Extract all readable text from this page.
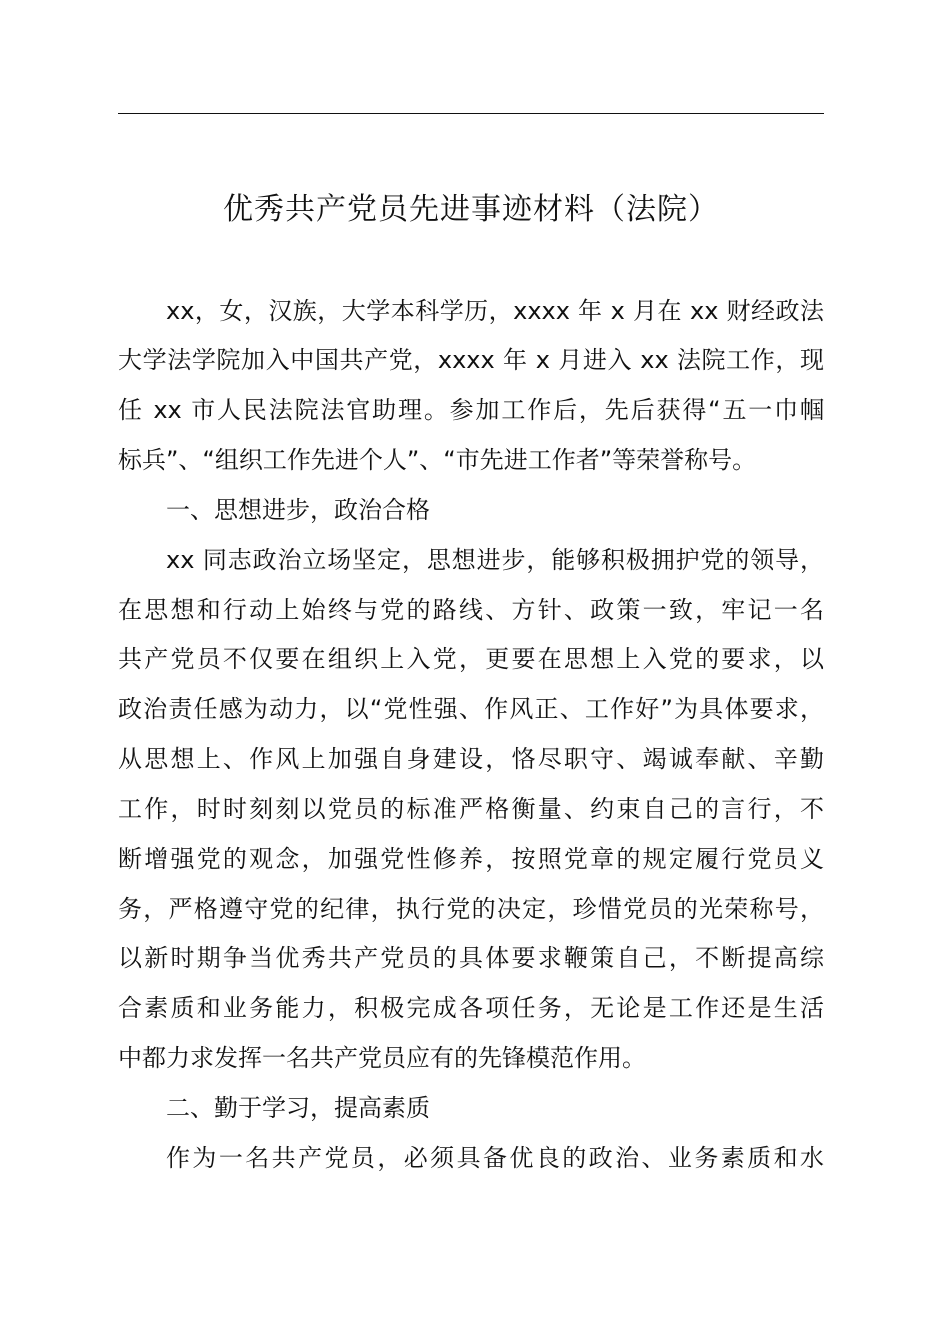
优秀共产党员先进事迹材料（法院）
xx，女，汉族，大学本科学历，xxxx 年 x 月在 xx 财经政法
大学法学院加入中国共产党，xxxx 年 x 月进入 xx 法院工作，现
任 xx 市人民法院法官助理。参加工作后，先后获得“五一巾帼
标兵”、“组织工作先进个人”、“市先进工作者”等荣誉称号。
一、思想进步，政治合格
xx 同志政治立场坚定，思想进步，能够积极拥护党的领导，
在思想和行动上始终与党的路线、方针、政策一致，牢记一名
共产党员不仅要在组织上入党，更要在思想上入党的要求，以
政治责任感为动力，以“党性强、作风正、工作好”为具体要求，
从思想上、作风上加强自身建设，恪尽职守、竭诚奉献、辛勤
工作，时时刻刻以党员的标准严格衡量、约束自己的言行，不
断增强党的观念，加强党性修养，按照党章的规定履行党员义
务，严格遵守党的纪律，执行党的决定，珍惜党员的光荣称号，
以新时期争当优秀共产党员的具体要求鞭策自己，不断提高综
合素质和业务能力，积极完成各项任务，无论是工作还是生活
中都力求发挥一名共产党员应有的先锋模范作用。
二、勤于学习，提高素质
作为一名共产党员，必须具备优良的政治、业务素质和水
